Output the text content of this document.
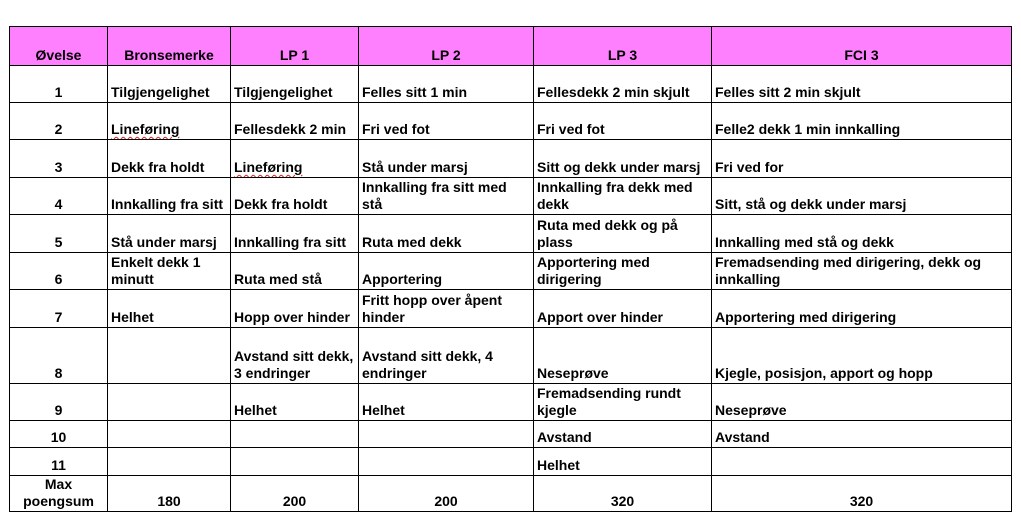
Øvelse	Bronsemerke	LP 1	LP 2	LP 3	FCI 3
1	Tilgjengelighet	Tilgjengelighet	Felles sitt 1 min	Fellesdekk 2 min skjult	Felles sitt 2 min skjult
2	Lineføring	Fellesdekk 2 min	Fri ved fot	Fri ved fot	Felle2 dekk 1 min innkalling
3	Dekk fra holdt	Lineføring	Stå under marsj	Sitt og dekk under marsj	Fri ved for
4	Innkalling fra sitt	Dekk fra holdt	Innkalling fra sitt med stå	Innkalling fra dekk med dekk	Sitt, stå og dekk under marsj
5	Stå under marsj	Innkalling fra sitt	Ruta med dekk	Ruta med dekk og på plass	Innkalling med stå og dekk
6	Enkelt dekk 1 minutt	Ruta med stå	Apportering	Apportering med dirigering	Fremadsending med dirigering, dekk og innkalling
7	Helhet	Hopp over hinder	Fritt hopp over åpent hinder	Apport over hinder	Apportering med dirigering
8		Avstand sitt dekk, 3 endringer	Avstand sitt dekk, 4 endringer	Neseprøve	Kjegle, posisjon, apport og hopp
9		Helhet	Helhet	Fremadsending rundt kjegle	Neseprøve
10				Avstand	Avstand
11				Helhet	
Max poengsum	180	200	200	320	320
